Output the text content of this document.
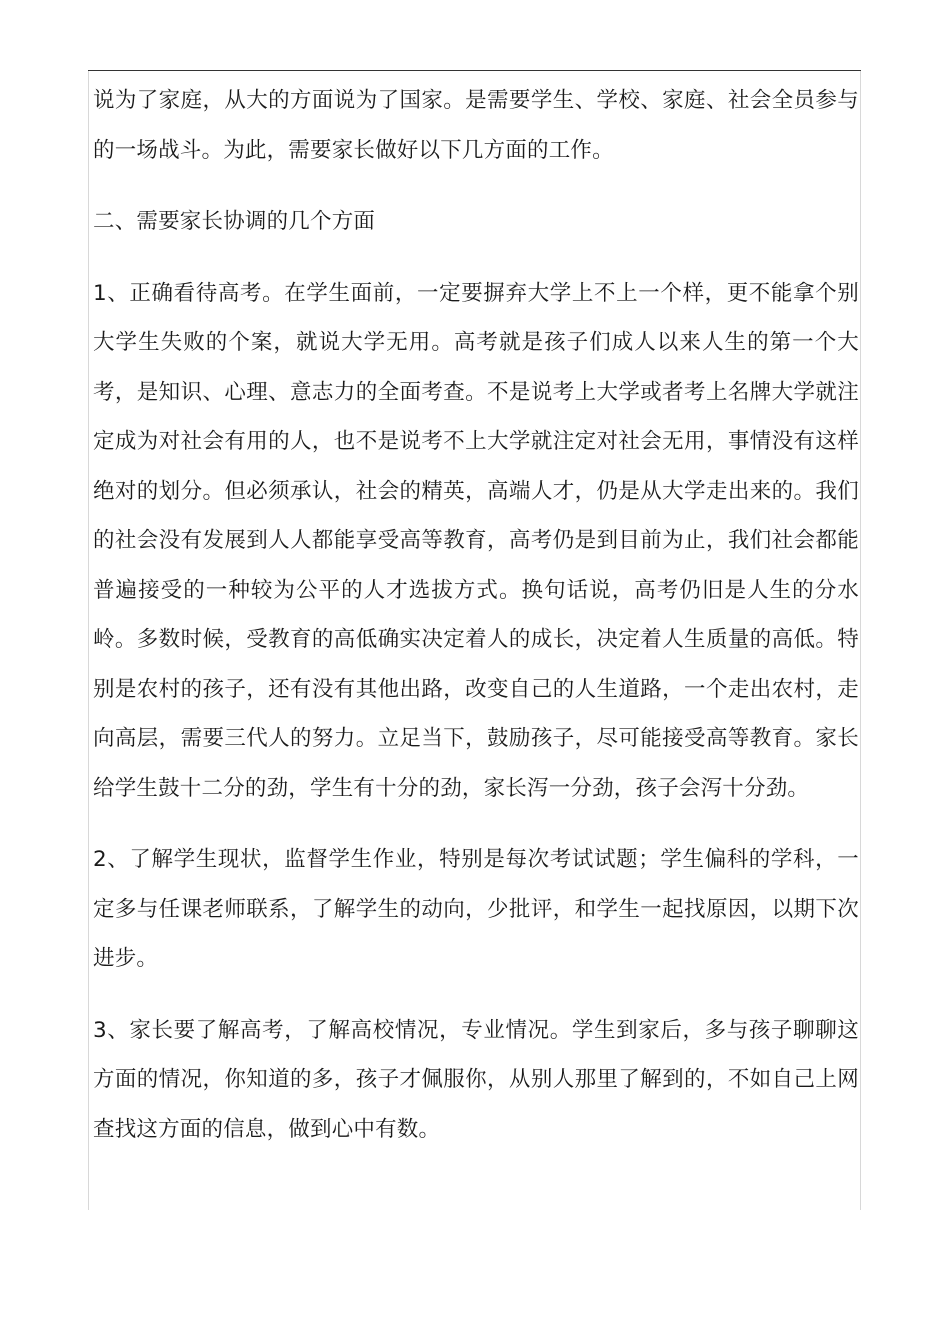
说为了家庭，从大的方面说为了国家。是需要学生、学校、家庭、社会全员参与的一场战斗。为此，需要家长做好以下几方面的工作。

二、需要家长协调的几个方面

1、正确看待高考。在学生面前，一定要摒弃大学上不上一个样，更不能拿个别大学生失败的个案，就说大学无用。高考就是孩子们成人以来人生的第一个大考，是知识、心理、意志力的全面考查。不是说考上大学或者考上名牌大学就注定成为对社会有用的人，也不是说考不上大学就注定对社会无用，事情没有这样绝对的划分。但必须承认，社会的精英，高端人才，仍是从大学走出来的。我们的社会没有发展到人人都能享受高等教育，高考仍是到目前为止，我们社会都能普遍接受的一种较为公平的人才选拔方式。换句话说，高考仍旧是人生的分水岭。多数时候，受教育的高低确实决定着人的成长，决定着人生质量的高低。特别是农村的孩子，还有没有其他出路，改变自己的人生道路，一个走出农村，走向高层，需要三代人的努力。立足当下，鼓励孩子，尽可能接受高等教育。家长给学生鼓十二分的劲，学生有十分的劲，家长泻一分劲，孩子会泻十分劲。

2、了解学生现状，监督学生作业，特别是每次考试试题；学生偏科的学科，一定多与任课老师联系，了解学生的动向，少批评，和学生一起找原因，以期下次进步。

3、家长要了解高考，了解高校情况，专业情况。学生到家后，多与孩子聊聊这方面的情况，你知道的多，孩子才佩服你，从别人那里了解到的，不如自己上网查找这方面的信息，做到心中有数。
